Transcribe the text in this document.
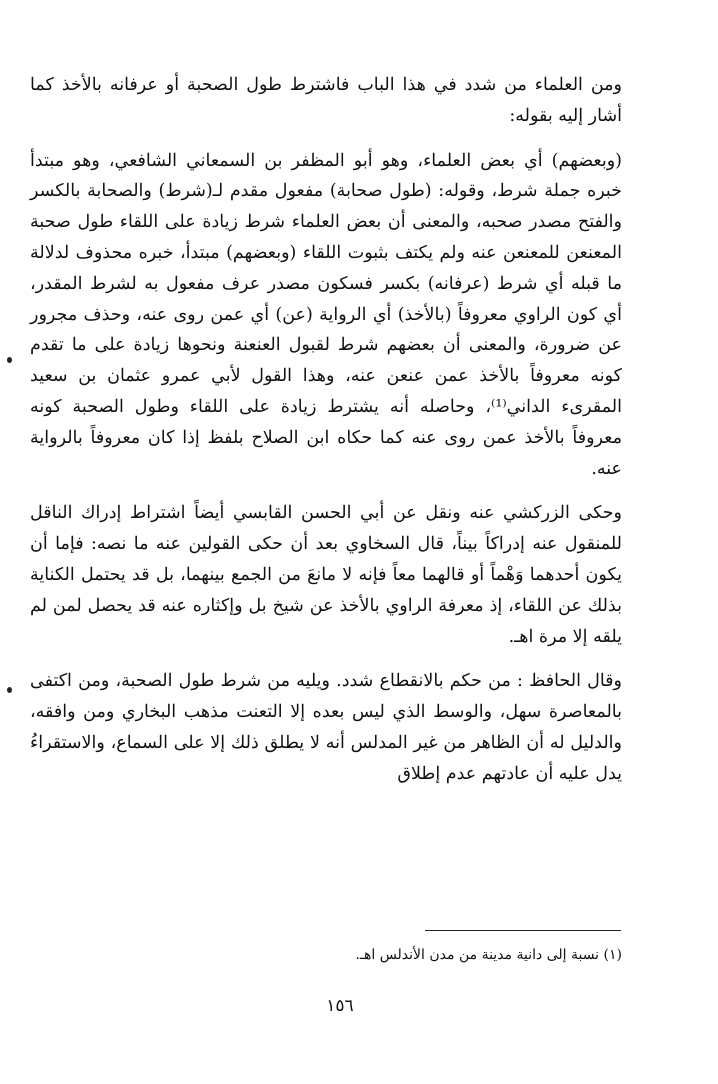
ومن العلماء من شدد في هذا الباب فاشترط طول الصحبة أو عرفانه بالأخذ كما أشار إليه بقوله:

(وبعضهم) أي بعض العلماء، وهو أبو المظفر بن السمعاني الشافعي، وهو مبتدأ خبره جملة شرط، وقوله: (طول صحابة) مفعول مقدم لـ(شرط) والصحابة بالكسر والفتح مصدر صحبه، والمعنى أن بعض العلماء شرط زيادة على اللقاء طول صحبة المعنعن للمعنعن عنه ولم يكتف بثبوت اللقاء (وبعضهم) مبتدأ، خبره محذوف لدلالة ما قبله أي شرط (عرفانه) بكسر فسكون مصدر عرف مفعول به لشرط المقدر، أي كون الراوي معروفاً (بالأخذ) أي الرواية (عن) أي عمن روى عنه، وحذف مجرور عن ضرورة، والمعنى أن بعضهم شرط لقبول العنعنة ونحوها زيادة على ما تقدم كونه معروفاً بالأخذ عمن عنعن عنه، وهذا القول لأبي عمرو عثمان بن سعيد المقرىء الداني⁽¹⁾، وحاصله أنه يشترط زيادة على اللقاء وطول الصحبة كونه معروفاً بالأخذ عمن روى عنه كما حكاه ابن الصلاح بلفظ إذا كان معروفاً بالرواية عنه.

وحكى الزركشي عنه ونقل عن أبي الحسن القابسي أيضاً اشتراط إدراك الناقل للمنقول عنه إدراكاً بيناً، قال السخاوي بعد أن حكى القولين عنه ما نصه: فإما أن يكون أحدهما وَهْماً أو قالهما معاً فإنه لا مانعَ من الجمع بينهما، بل قد يحتمل الكناية بذلك عن اللقاء، إذ معرفة الراوي بالأخذ عن شيخ بل وإكثاره عنه قد يحصل لمن لم يلقه إلا مرة اهـ.

وقال الحافظ : من حكم بالانقطاع شدد. ويليه من شرط طول الصحبة، ومن اكتفى بالمعاصرة سهل، والوسط الذي ليس بعده إلا التعنت مذهب البخاري ومن وافقه، والدليل له أن الظاهر من غير المدلس أنه لا يطلق ذلك إلا على السماع، والاستقراءُ يدل عليه أن عادتهم عدم إطلاق

(١) نسبة إلى دانية مدينة من مدن الأندلس اهـ.
١٥٦
